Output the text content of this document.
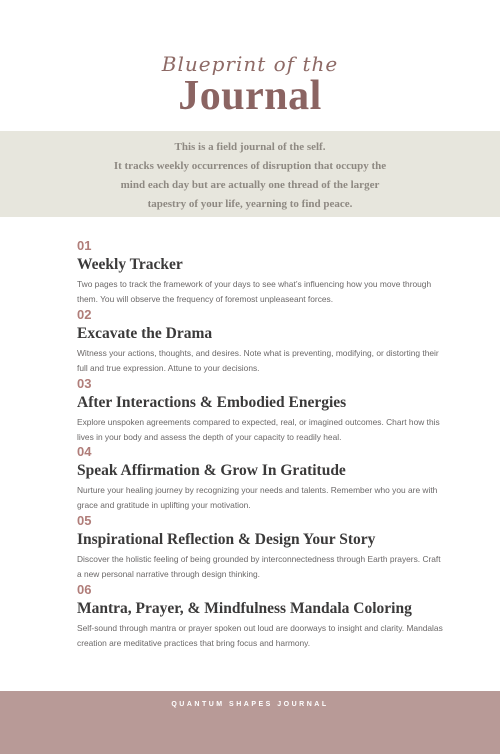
Blueprint of the
Journal
This is a field journal of the self.
It tracks weekly occurrences of disruption that occupy the
mind each day but are actually one thread of the larger
tapestry of your life, yearning to find peace.
01
Weekly Tracker
Two pages to track the framework of your days to see what’s influencing how you move through them. You will observe the frequency of foremost unpleaseant forces.
02
Excavate the Drama
Witness your actions, thoughts, and desires. Note what is preventing, modifying, or distorting their full and true expression. Attune to your decisions.
03
After Interactions & Embodied Energies
Explore unspoken agreements compared to expected, real, or imagined outcomes. Chart how this lives in your body and assess the depth of your capacity to readily heal.
04
Speak Affirmation & Grow In Gratitude
Nurture your healing journey by recognizing your needs and talents. Remember who you are with grace and gratitude in uplifting your motivation.
05
Inspirational Reflection & Design Your Story
Discover the holistic feeling of being grounded by interconnectedness through Earth prayers. Craft a new personal narrative through design thinking.
06
Mantra, Prayer, & Mindfulness Mandala Coloring
Self-sound through mantra or prayer spoken out loud are doorways to insight and clarity. Mandalas creation are meditative practices that bring focus and harmony.
QUANTUM SHAPES JOURNAL
